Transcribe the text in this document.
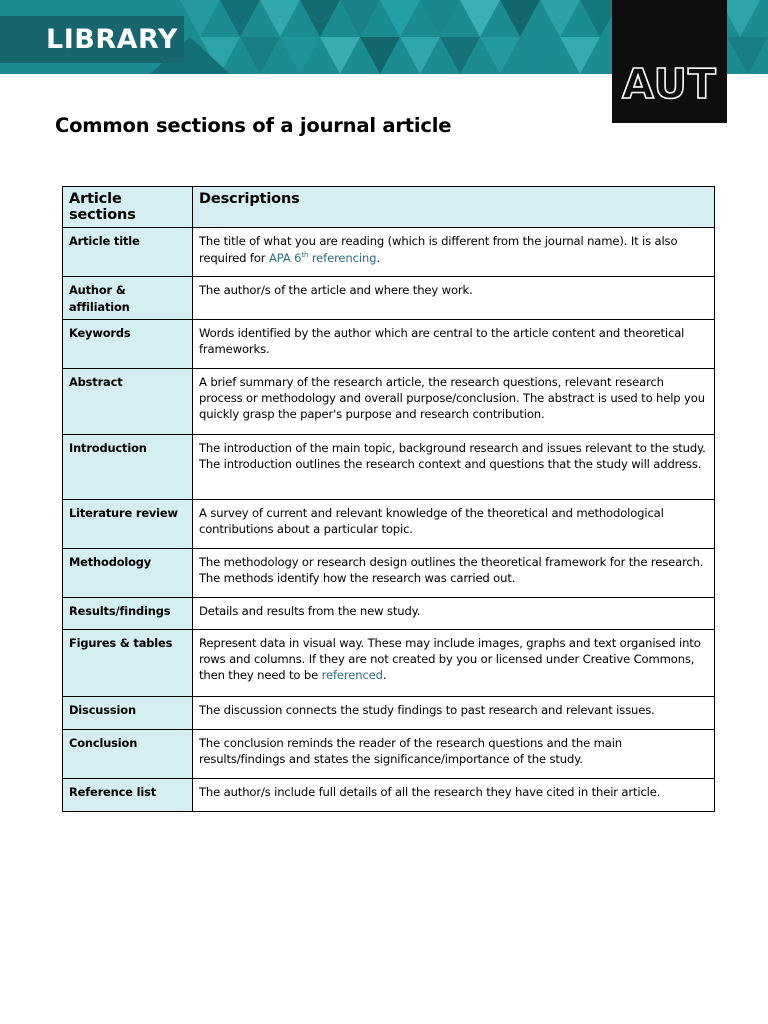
LIBRARY
AUT
Common sections of a journal article
Article sections	Descriptions
Article title	The title of what you are reading (which is different from the journal name). It is also required for APA 6th referencing.
Author & affiliation	The author/s of the article and where they work.
Keywords	Words identified by the author which are central to the article content and theoretical frameworks.
Abstract	A brief summary of the research article, the research questions, relevant research process or methodology and overall purpose/conclusion. The abstract is used to help you quickly grasp the paper's purpose and research contribution.
Introduction	The introduction of the main topic, background research and issues relevant to the study. The introduction outlines the research context and questions that the study will address.
Literature review	A survey of current and relevant knowledge of the theoretical and methodological contributions about a particular topic.
Methodology	The methodology or research design outlines the theoretical framework for the research. The methods identify how the research was carried out.
Results/findings	Details and results from the new study.
Figures & tables	Represent data in visual way. These may include images, graphs and text organised into rows and columns. If they are not created by you or licensed under Creative Commons, then they need to be referenced.
Discussion	The discussion connects the study findings to past research and relevant issues.
Conclusion	The conclusion reminds the reader of the research questions and the main results/findings and states the significance/importance of the study.
Reference list	The author/s include full details of all the research they have cited in their article.
